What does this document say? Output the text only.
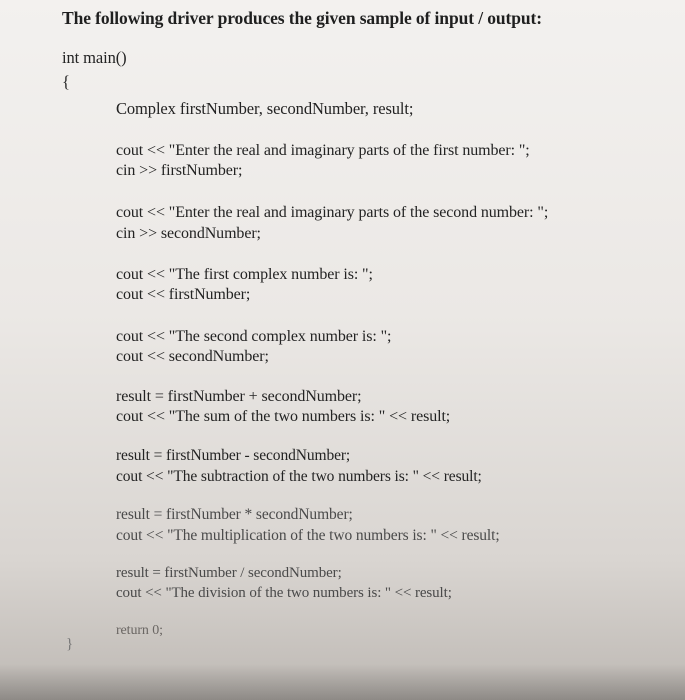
The following driver produces the given sample of input / output:
int main()
{
Complex firstNumber, secondNumber, result;
cout << "Enter the real and imaginary parts of the first number: ";
cin >> firstNumber;
cout << "Enter the real and imaginary parts of the second number: ";
cin >> secondNumber;
cout << "The first complex number is: ";
cout << firstNumber;
cout << "The second complex number is: ";
cout << secondNumber;
result = firstNumber + secondNumber;
cout << "The sum of the two numbers is: " << result;
result = firstNumber - secondNumber;
cout << "The subtraction of the two numbers is: " << result;
result = firstNumber * secondNumber;
cout << "The multiplication of the two numbers is: " << result;
result = firstNumber / secondNumber;
cout << "The division of the two numbers is: " << result;
return 0;
}
